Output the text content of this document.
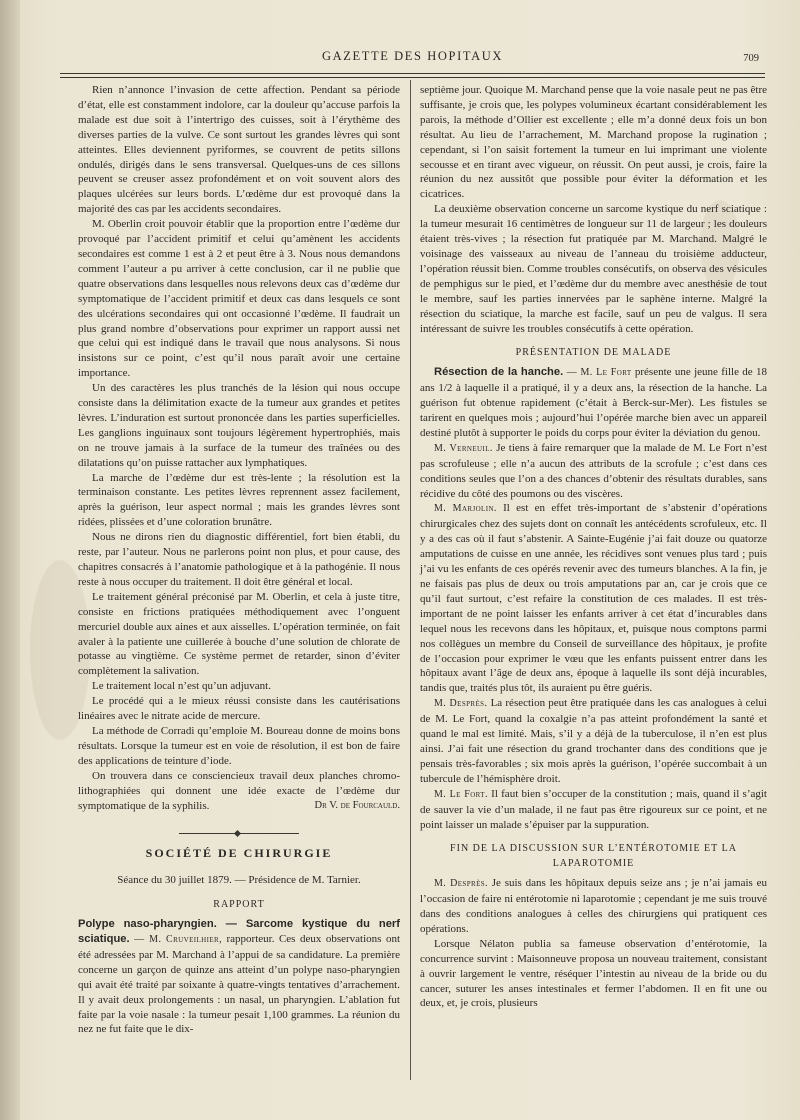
GAZETTE DES HOPITAUX	709

Rien n’annonce l’invasion de cette affection. Pendant sa période d’état, elle est constamment indolore, car la douleur qu’accuse parfois la malade est due soit à l’intertrigo des cuisses, soit à l’érythème des diverses parties de la vulve. Ce sont surtout les grandes lèvres qui sont atteintes. Elles deviennent pyriformes, se couvrent de petits sillons ondulés, dirigés dans le sens transversal. Quelques-uns de ces sillons peuvent se creuser assez profondément et on voit souvent alors des plaques ulcérées sur leurs bords. L’œdème dur est provoqué dans la majorité des cas par les accidents secondaires.

M. Oberlin croit pouvoir établir que la proportion entre l’œdème dur provoqué par l’accident primitif et celui qu’amènent les accidents secondaires est comme 1 est à 2 et peut être à 3. Nous nous demandons comment l’auteur a pu arriver à cette conclusion, car il ne publie que quatre observations dans lesquelles nous relevons deux cas d’œdème dur symptomatique de l’accident primitif et deux cas dans lesquels ce sont des ulcérations secondaires qui ont occasionné l’œdème. Il faudrait un plus grand nombre d’observations pour exprimer un rapport aussi net que celui qui est indiqué dans le travail que nous analysons. Si nous insistons sur ce point, c’est qu’il nous paraît avoir une certaine importance.

Un des caractères les plus tranchés de la lésion qui nous occupe consiste dans la délimitation exacte de la tumeur aux grandes et petites lèvres. L’induration est surtout prononcée dans les parties superficielles. Les ganglions inguinaux sont toujours légèrement hypertrophiés, mais on ne trouve jamais à la surface de la tumeur des traînées ou des dilatations qu’on puisse rattacher aux lymphatiques.

La marche de l’œdème dur est très-lente ; la résolution est la terminaison constante. Les petites lèvres reprennent assez facilement, après la guérison, leur aspect normal ; mais les grandes lèvres sont ridées, plissées et d’une coloration brunâtre.

Nous ne dirons rien du diagnostic différentiel, fort bien établi, du reste, par l’auteur. Nous ne parlerons point non plus, et pour cause, des chapitres consacrés à l’anatomie pathologique et à la pathogénie. Il nous reste à nous occuper du traitement. Il doit être général et local.

Le traitement général préconisé par M. Oberlin, et cela à juste titre, consiste en frictions pratiquées méthodiquement avec l’onguent mercuriel double aux aines et aux aisselles. L’opération terminée, on fait avaler à la patiente une cuillerée à bouche d’une solution de chlorate de potasse au vingtième. Ce système permet de retarder, sinon d’éviter complètement la salivation.

Le traitement local n’est qu’un adjuvant.

Le procédé qui a le mieux réussi consiste dans les cautérisations linéaires avec le nitrate acide de mercure.

La méthode de Corradi qu’emploie M. Boureau donne de moins bons résultats. Lorsque la tumeur est en voie de résolution, il est bon de faire des applications de teinture d’iode.

On trouvera dans ce consciencieux travail deux planches chromo-lithographiées qui donnent une idée exacte de l’œdème dur symptomatique de la syphilis.	Dr V. de Fourcauld.
SOCIÉTÉ DE CHIRURGIE
Séance du 30 juillet 1879. — Présidence de M. Tarnier.
RAPPORT

Polype naso-pharyngien. — Sarcome kystique du nerf sciatique. — M. Cruveilhier, rapporteur. Ces deux observations ont été adressées par M. Marchand à l’appui de sa candidature. La première concerne un garçon de quinze ans atteint d’un polype naso-pharyngien qui avait été traité par soixante à quatre-vingts tentatives d’arrachement. Il y avait deux prolongements : un nasal, un pharyngien. L’ablation fut faite par la voie nasale : la tumeur pesait 1,100 grammes. La réunion du nez ne fut faite que le dix-

septième jour. Quoique M. Marchand pense que la voie nasale peut ne pas être suffisante, je crois que, les polypes volumineux écartant considérablement les parois, la méthode d’Ollier est excellente ; elle m’a donné deux fois un bon résultat. Au lieu de l’arrachement, M. Marchand propose la rugination ; cependant, si l’on saisit fortement la tumeur en lui imprimant une violente secousse et en tirant avec vigueur, on réussit. On peut aussi, je crois, faire la réunion du nez aussitôt que possible pour éviter la déformation et les cicatrices.

La deuxième observation concerne un sarcome kystique du nerf sciatique : la tumeur mesurait 16 centimètres de longueur sur 11 de largeur ; les douleurs étaient très-vives ; la résection fut pratiquée par M. Marchand. Malgré le voisinage des vaisseaux au niveau de l’anneau du troisième adducteur, l’opération réussit bien. Comme troubles consécutifs, on observa des vésicules de pemphigus sur le pied, et l’œdème dur du membre avec anesthésie de tout le membre, sauf les parties innervées par le saphène interne. Malgré la résection du sciatique, la marche est facile, sauf un peu de valgus. Il sera intéressant de suivre les troubles consécutifs à cette opération.

PRÉSENTATION DE MALADE

Résection de la hanche. — M. Le Fort présente une jeune fille de 18 ans 1/2 à laquelle il a pratiqué, il y a deux ans, la résection de la hanche. La guérison fut obtenue rapidement (c’était à Berck-sur-Mer). Les fistules se tarirent en quelques mois ; aujourd’hui l’opérée marche bien avec un appareil destiné plutôt à supporter le poids du corps pour éviter la déviation du genou.

M. Verneuil. Je tiens à faire remarquer que la malade de M. Le Fort n’est pas scrofuleuse ; elle n’a aucun des attributs de la scrofule ; c’est dans ces conditions seules que l’on a des chances d’obtenir des résultats durables, sans récidive du côté des poumons ou des viscères.

M. Marjolin. Il est en effet très-important de s’abstenir d’opérations chirurgicales chez des sujets dont on connaît les antécédents scrofuleux, etc. Il y a des cas où il faut s’abstenir. A Sainte-Eugénie j’ai fait douze ou quatorze amputations de cuisse en une année, les récidives sont venues plus tard ; puis j’ai vu les enfants de ces opérés revenir avec des tumeurs blanches. A la fin, je ne faisais pas plus de deux ou trois amputations par an, car je crois que ce qu’il faut surtout, c’est refaire la constitution de ces malades. Il est très-important de ne point laisser les enfants arriver à cet état d’incurables dans lequel nous les recevons dans les hôpitaux, et, puisque nous comptons parmi nos collègues un membre du Conseil de surveillance des hôpitaux, je profite de l’occasion pour exprimer le vœu que les enfants puissent entrer dans les hôpitaux avant l’âge de deux ans, époque à laquelle ils sont déjà incurables, tandis que, traités plus tôt, ils auraient pu être guéris.

M. Desprès. La résection peut être pratiquée dans les cas analogues à celui de M. Le Fort, quand la coxalgie n’a pas atteint profondément la santé et quand le mal est limité. Mais, s’il y a déjà de la tuberculose, il n’en est plus ainsi. J’ai fait une résection du grand trochanter dans des conditions que je pensais très-favorables ; six mois après la guérison, l’opérée succombait à un tubercule de l’hémisphère droit.

M. Le Fort. Il faut bien s’occuper de la constitution ; mais, quand il s’agit de sauver la vie d’un malade, il ne faut pas être rigoureux sur ce point, et ne point laisser un malade s’épuiser par la suppuration.

FIN DE LA DISCUSSION SUR L’ENTÉROTOMIE ET LA LAPAROTOMIE

M. Desprès. Je suis dans les hôpitaux depuis seize ans ; je n’ai jamais eu l’occasion de faire ni entérotomie ni laparotomie ; cependant je me suis trouvé dans des conditions analogues à celles des chirurgiens qui pratiquent ces opérations.

Lorsque Nélaton publia sa fameuse observation d’entérotomie, la concurrence survint : Maisonneuve proposa un nouveau traitement, consistant à ouvrir largement le ventre, réséquer l’intestin au niveau de la bride ou du cancer, suturer les anses intestinales et fermer l’abdomen. Il en fit une ou deux, et, je crois, plusieurs
